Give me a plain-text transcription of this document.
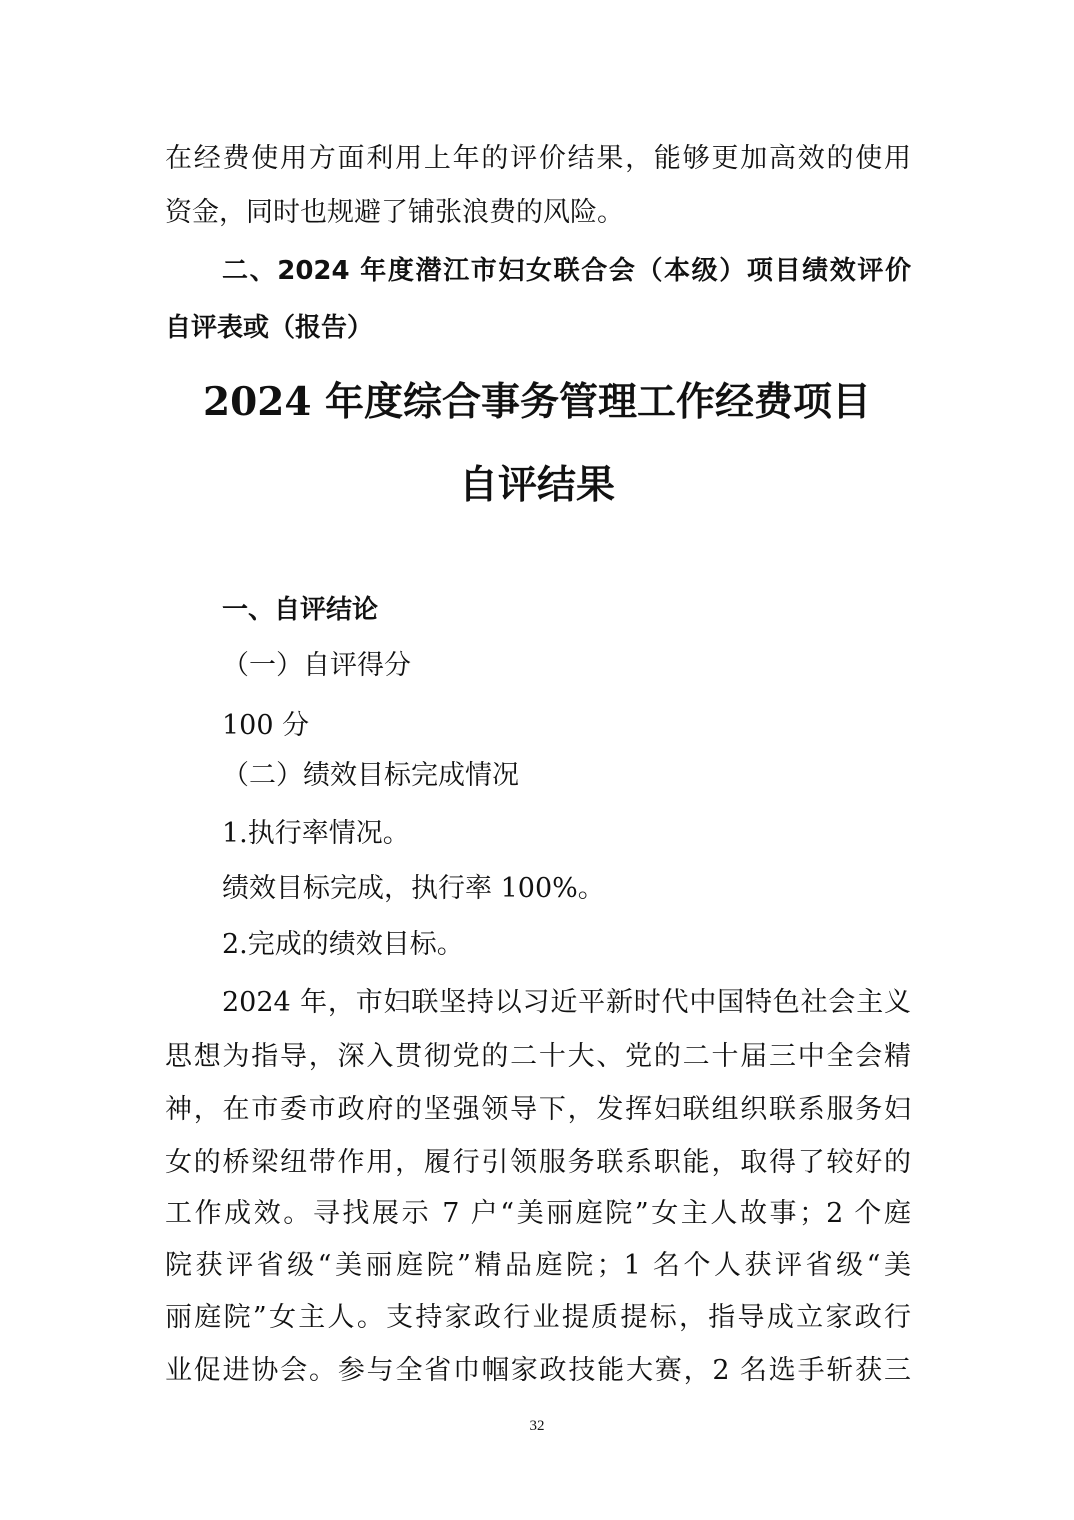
在经费使用方面利用上年的评价结果，能够更加高效的使用
资金，同时也规避了铺张浪费的风险。
二、2024 年度潜江市妇女联合会（本级）项目绩效评价
自评表或（报告）
2024 年度综合事务管理工作经费项目
自评结果
一、自评结论
（一）自评得分
100 分
（二）绩效目标完成情况
1.执行率情况。
绩效目标完成，执行率 100%。
2.完成的绩效目标。
2024 年，市妇联坚持以习近平新时代中国特色社会主义
思想为指导，深入贯彻党的二十大、党的二十届三中全会精
神，在市委市政府的坚强领导下，发挥妇联组织联系服务妇
女的桥梁纽带作用，履行引领服务联系职能，取得了较好的
工作成效。寻找展示 7 户“美丽庭院”女主人故事；2 个庭
院获评省级“美丽庭院”精品庭院；1 名个人获评省级“美
丽庭院”女主人。支持家政行业提质提标，指导成立家政行
业促进协会。参与全省巾帼家政技能大赛，2 名选手斩获三
32
